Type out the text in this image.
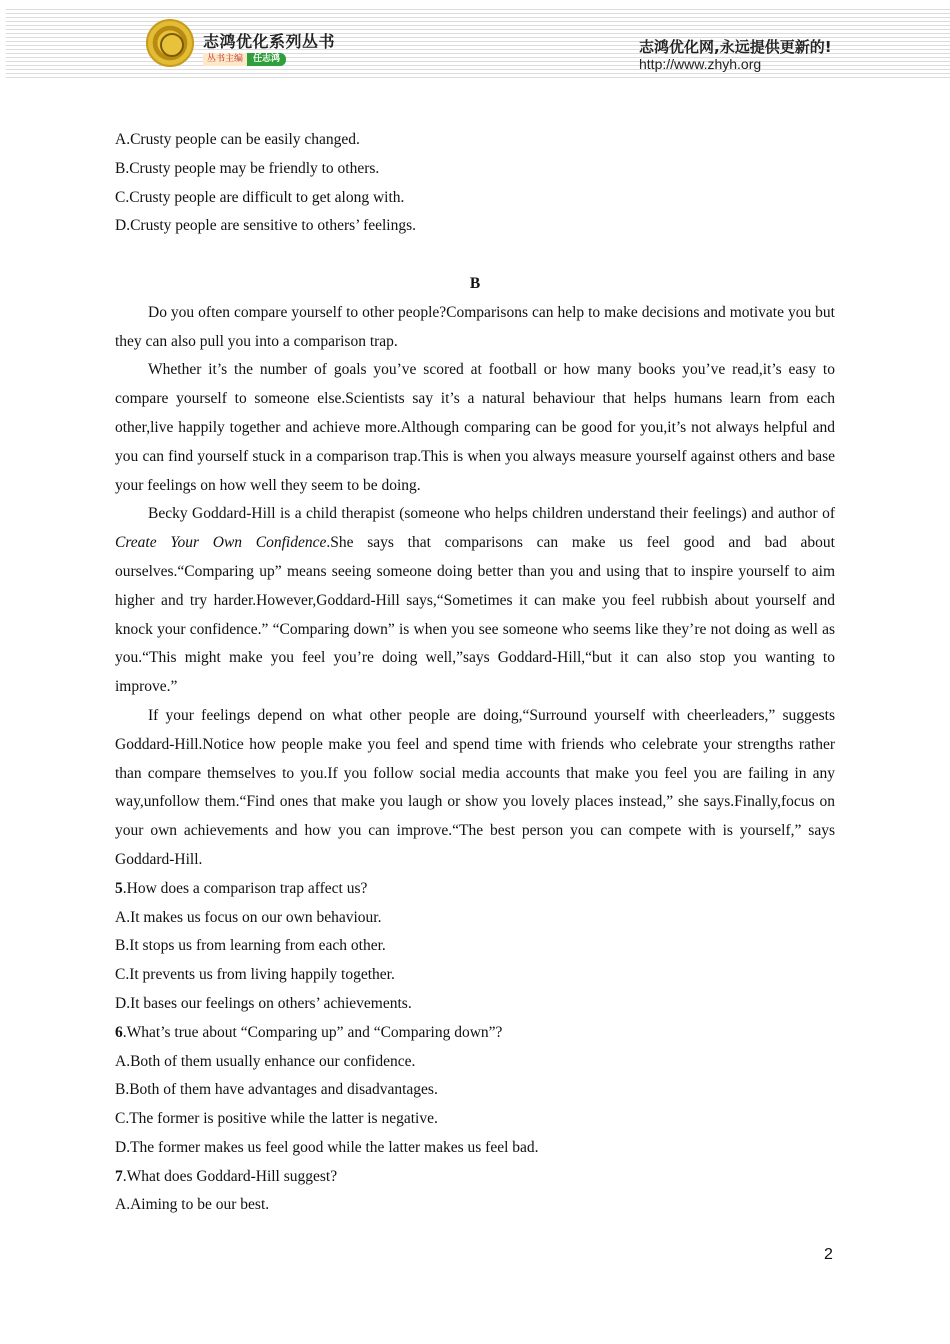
志鸿优化系列丛书
丛书主编	任志鸿
志鸿优化网,永远提供更新的!
http://www.zhyh.org

A.Crusty people can be easily changed.

B.Crusty people may be friendly to others.

C.Crusty people are difficult to get along with.

D.Crusty people are sensitive to others’ feelings.

B

Do you often compare yourself to other people?Comparisons can help to make decisions and motivate you but they can also pull you into a comparison trap.

Whether it’s the number of goals you’ve scored at football or how many books you’ve read,it’s easy to compare yourself to someone else.Scientists say it’s a natural behaviour that helps humans learn from each other,live happily together and achieve more.Although comparing can be good for you,it’s not always helpful and you can find yourself stuck in a comparison trap.This is when you always measure yourself against others and base your feelings on how well they seem to be doing.

Becky Goddard-Hill is a child therapist (someone who helps children understand their feelings) and author of Create Your Own Confidence.She says that comparisons can make us feel good and bad about ourselves.“Comparing up” means seeing someone doing better than you and using that to inspire yourself to aim higher and try harder.However,Goddard-Hill says,“Sometimes it can make you feel rubbish about yourself and knock your confidence.” “Comparing down” is when you see someone who seems like they’re not doing as well as you.“This might make you feel you’re doing well,”says Goddard-Hill,“but it can also stop you wanting to improve.”

If your feelings depend on what other people are doing,“Surround yourself with cheerleaders,” suggests Goddard-Hill.Notice how people make you feel and spend time with friends who celebrate your strengths rather than compare themselves to you.If you follow social media accounts that make you feel you are failing in any way,unfollow them.“Find ones that make you laugh or show you lovely places instead,” she says.Finally,focus on your own achievements and how you can improve.“The best person you can compete with is yourself,” says Goddard-Hill.

5.How does a comparison trap affect us?

A.It makes us focus on our own behaviour.

B.It stops us from learning from each other.

C.It prevents us from living happily together.

D.It bases our feelings on others’ achievements.

6.What’s true about “Comparing up” and “Comparing down”?

A.Both of them usually enhance our confidence.

B.Both of them have advantages and disadvantages.

C.The former is positive while the latter is negative.

D.The former makes us feel good while the latter makes us feel bad.

7.What does Goddard-Hill suggest?

A.Aiming to be our best.

2
